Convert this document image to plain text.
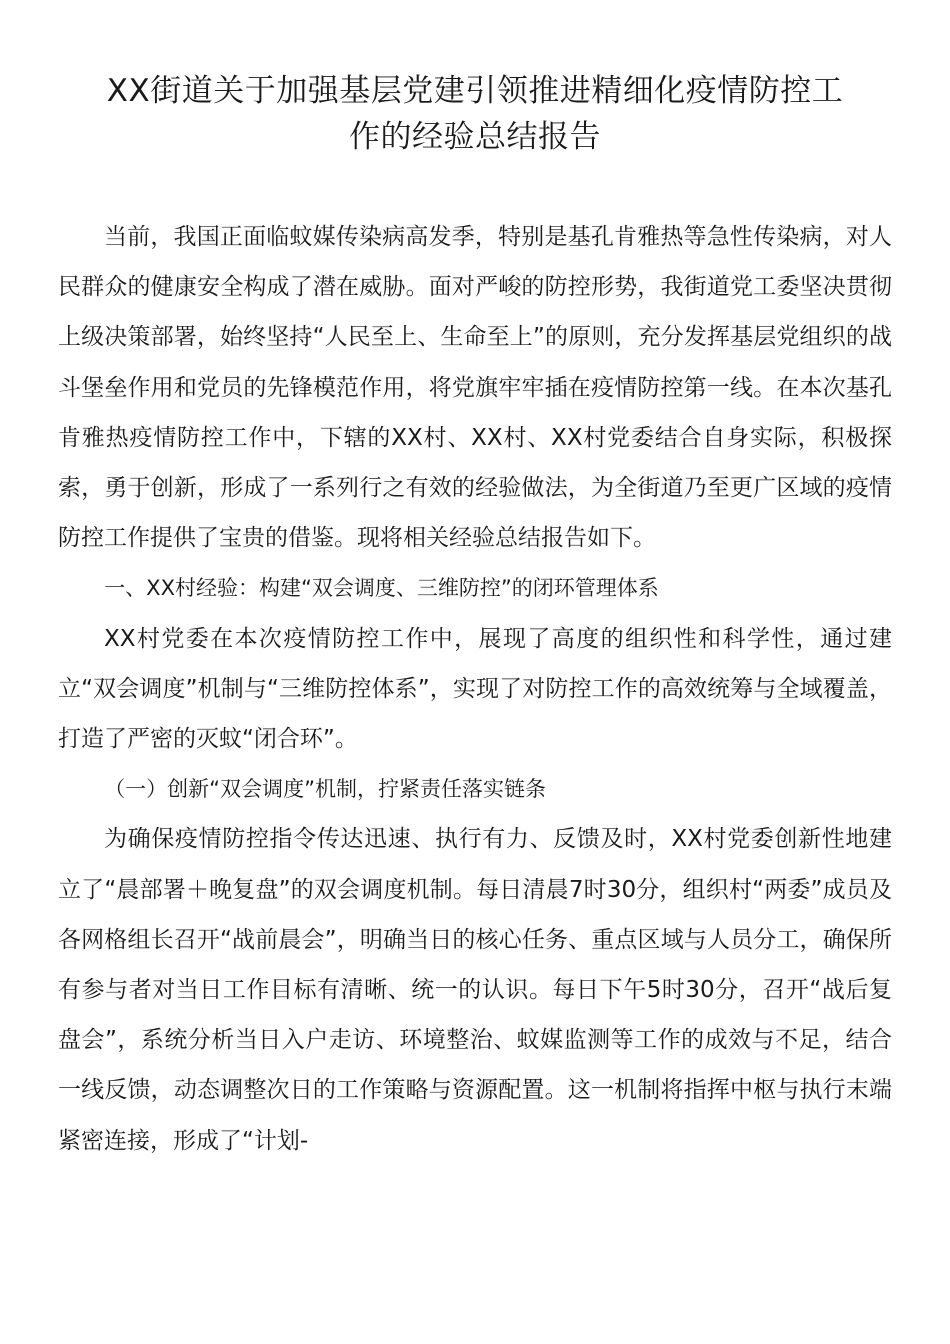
XX街道关于加强基层党建引领推进精细化疫情防控工
作的经验总结报告

当前，我国正面临蚊媒传染病高发季，特别是基孔肯雅热等急性传染病，对人民群众的健康安全构成了潜在威胁。面对严峻的防控形势，我街道党工委坚决贯彻上级决策部署，始终坚持“人民至上、生命至上”的原则，充分发挥基层党组织的战斗堡垒作用和党员的先锋模范作用，将党旗牢牢插在疫情防控第一线。在本次基孔肯雅热疫情防控工作中，下辖的XX村、XX村、XX村党委结合自身实际，积极探索，勇于创新，形成了一系列行之有效的经验做法，为全街道乃至更广区域的疫情防控工作提供了宝贵的借鉴。现将相关经验总结报告如下。

一、XX村经验：构建“双会调度、三维防控”的闭环管理体系

XX村党委在本次疫情防控工作中，展现了高度的组织性和科学性，通过建立“双会调度”机制与“三维防控体系”，实现了对防控工作的高效统筹与全域覆盖，打造了严密的灭蚊“闭合环”。

（一）创新“双会调度”机制，拧紧责任落实链条

为确保疫情防控指令传达迅速、执行有力、反馈及时，XX村党委创新性地建立了“晨部署＋晚复盘”的双会调度机制。每日清晨7时30分，组织村“两委”成员及各网格组长召开“战前晨会”，明确当日的核心任务、重点区域与人员分工，确保所有参与者对当日工作目标有清晰、统一的认识。每日下午5时30分，召开“战后复盘会”，系统分析当日入户走访、环境整治、蚊媒监测等工作的成效与不足，结合一线反馈，动态调整次日的工作策略与资源配置。这一机制将指挥中枢与执行末端紧密连接，形成了“计划-
